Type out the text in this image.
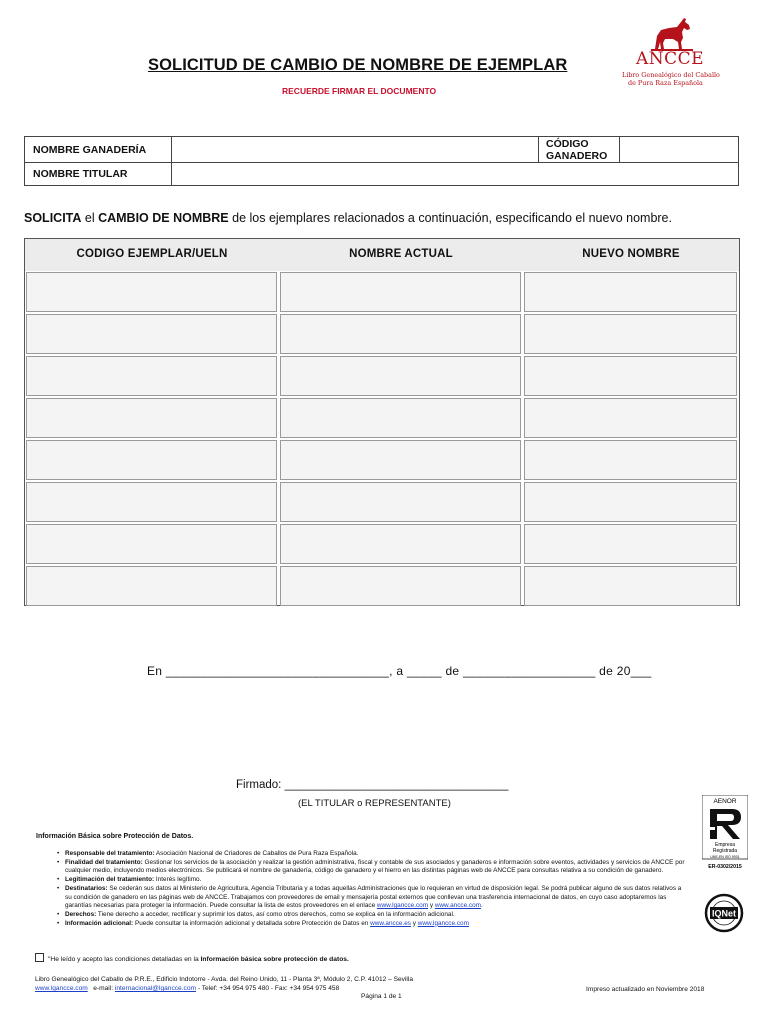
SOLICITUD DE CAMBIO DE NOMBRE DE EJEMPLAR
RECUERDE FIRMAR EL DOCUMENTO
ANCCE
Libro Genealógico del Caballo
de Pura Raza Española
NOMBRE GANADERÍA	CÓDIGO
GANADERO
NOMBRE TITULAR
SOLICITA el CAMBIO DE NOMBRE de los ejemplares relacionados a continuación, especificando el nuevo nombre.
CODIGO EJEMPLAR/UELN	NOMBRE ACTUAL	NUEVO NOMBRE
En ________________________________, a _____ de ___________________ de 20___
Firmado: ___________________________________
(EL TITULAR o REPRESENTANTE)	AENOR
Empresa
Registrada
UNE-EN ISO 9001
ER-0302/2015
IQNet
Información Básica sobre Protección de Datos.
• Responsable del tratamiento: Asociación Nacional de Criadores de Caballos de Pura Raza Española.
• Finalidad del tratamiento: Gestionar los servicios de la asociación y realizar la gestión administrativa, fiscal y contable de sus asociados y ganaderos e información sobre eventos, actividades y servicios de ANCCE por cualquier medio, incluyendo medios electrónicos. Se publicará el nombre de ganadería, código de ganadero y el hierro en las distintas páginas web de ANCCE para consultas relativa a su condición de ganadero.
• Legitimación del tratamiento: Interés legítimo.
• Destinatarios: Se cederán sus datos al Ministerio de Agricultura, Agencia Tributaria y a todas aquellas Administraciones que lo requieran en virtud de disposición legal. Se podrá publicar alguno de sus datos relativos a su condición de ganadero en las páginas web de ANCCE. Trabajamos con proveedores de email y mensajería postal externos que conllevan una trasferencia internacional de datos, en cuyo caso adoptaremos las garantías necesarias para proteger la información. Puede consultar la lista de estos proveedores en el enlace www.lgancce.com y www.ancce.com.
• Derechos: Tiene derecho a acceder, rectificar y suprimir los datos, así como otros derechos, como se explica en la información adicional.
• Información adicional: Puede consultar la información adicional y detallada sobre Protección de Datos en www.ancce.es y www.lgancce.com
"He leído y acepto las condiciones detalladas en la Información básica sobre protección de datos.
Libro Genealógico del Caballo de P.R.E., Edificio Indotorre - Avda. del Reino Unido, 11 - Planta 3ª, Módulo 2, C.P. 41012 – Sevilla
www.lgancce.com   e-mail: internacional@lgancce.com - Telef: +34 954 975 480 - Fax: +34 954 975 458	Impreso actualizado en Noviembre 2018
Página 1 de 1
